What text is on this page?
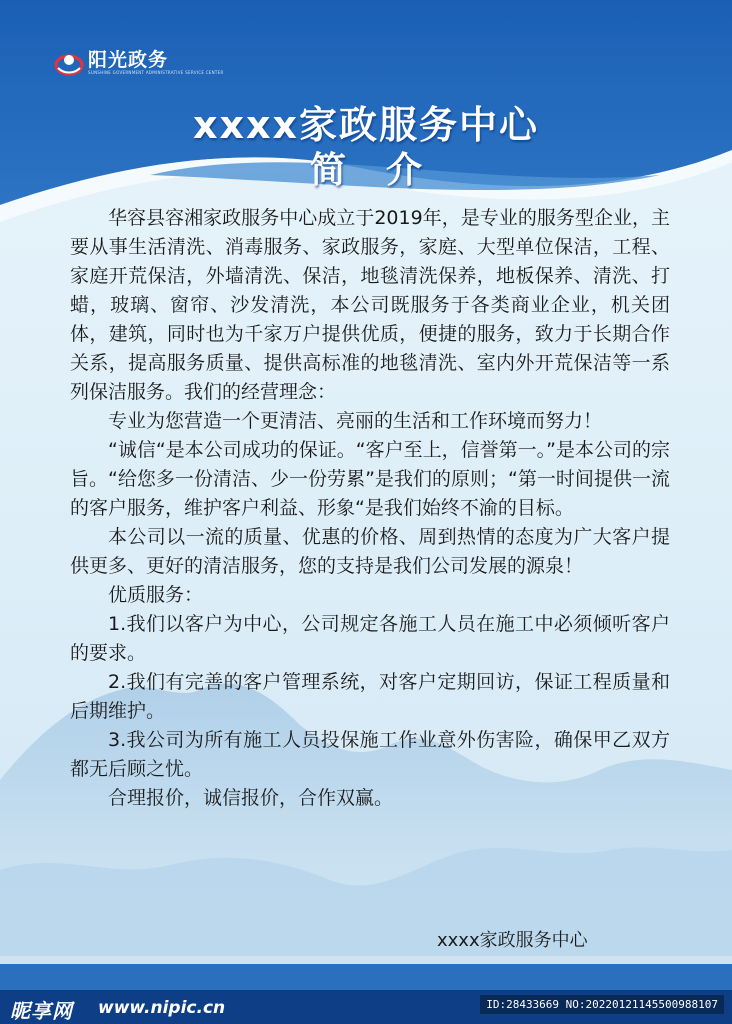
阳光政务
SUNSHINE GOVERNMENT ADMINISTRATIVE SERVICE CENTER
xxxx家政服务中心
简介

华容县容湘家政服务中心成立于2019年，是专业的服务型企业，主要从事生活清洗、消毒服务、家政服务，家庭、大型单位保洁，工程、家庭开荒保洁，外墙清洗、保洁，地毯清洗保养，地板保养、清洗、打蜡，玻璃、窗帘、沙发清洗，本公司既服务于各类商业企业，机关团体，建筑，同时也为千家万户提供优质，便捷的服务，致力于长期合作关系，提高服务质量、提供高标准的地毯清洗、室内外开荒保洁等一系列保洁服务。我们的经营理念：

专业为您营造一个更清洁、亮丽的生活和工作环境而努力！

“诚信“是本公司成功的保证。“客户至上，信誉第一。”是本公司的宗旨。“给您多一份清洁、少一份劳累”是我们的原则；“第一时间提供一流的客户服务，维护客户利益、形象“是我们始终不渝的目标。

本公司以一流的质量、优惠的价格、周到热情的态度为广大客户提供更多、更好的清洁服务，您的支持是我们公司发展的源泉！

优质服务：

1.我们以客户为中心，公司规定各施工人员在施工中必须倾听客户的要求。

2.我们有完善的客户管理系统，对客户定期回访，保证工程质量和后期维护。

3.我公司为所有施工人员投保施工作业意外伤害险，确保甲乙双方都无后顾之忧。

合理报价，诚信报价，合作双赢。

xxxx家政服务中心
昵享网 www.nipic.cn	ID:28433669 NO:20220121145500988107
